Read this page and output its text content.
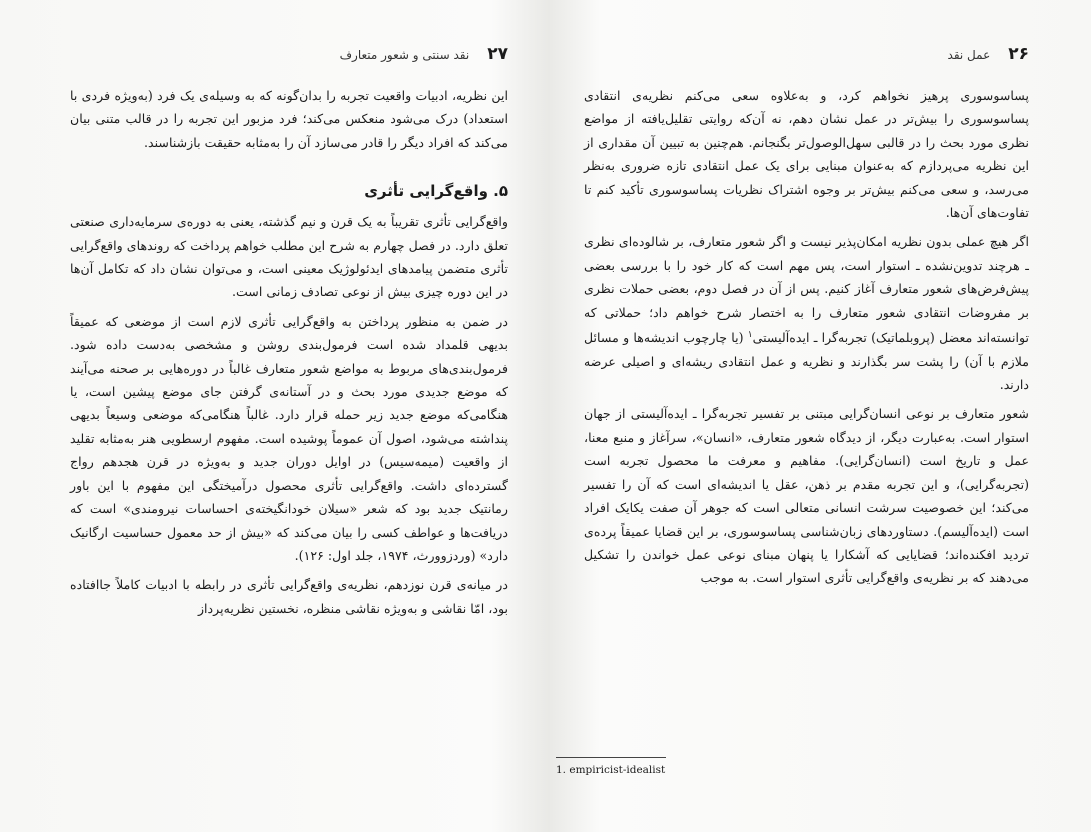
۲۷
نقد سنتی و شعور متعارف

این نظریه، ادبیات واقعیت تجربه را بدان‌گونه که به وسیله‌ی یک فرد (به‌ویژه فردی با استعداد) درک می‌شود منعکس می‌کند؛ فرد مزبور این تجربه را در قالب متنی بیان می‌کند که افراد دیگر را قادر می‌سازد آن را به‌مثابه حقیقت بازشناسند.

۵. واقع‌گرایی تأثری

واقع‌گرایی تأثری تقریباً به یک قرن و نیم گذشته، یعنی به دوره‌ی سرمایه‌داری صنعتی تعلق دارد. در فصل چهارم به شرح این مطلب خواهم پرداخت که روندهای واقع‌گرایی تأثری متضمن پیامدهای ایدئولوژیک معینی است، و می‌توان نشان داد که تکامل آن‌ها در این دوره چیزی بیش از نوعی تصادف زمانی است.

در ضمن به منظور پرداختن به واقع‌گرایی تأثری لازم است از موضعی که عمیقاً بدیهی قلمداد شده است فرمول‌بندی روشن و مشخصی به‌دست داده شود. فرمول‌بندی‌های مربوط به مواضع شعور متعارف غالباً در دوره‌هایی بر صحنه می‌آیند که موضع جدیدی مورد بحث و در آستانه‌ی گرفتن جای موضع پیشین است، یا هنگامی‌که موضع جدید زیر حمله قرار دارد. غالباً هنگامی‌که موضعی وسیعاً بدیهی پنداشته می‌شود، اصول آن عموماً پوشیده است. مفهوم ارسطویی هنر به‌مثابه تقلید از واقعیت (میمه‌سیس) در اوایل دوران جدید و به‌ویژه در قرن هجدهم رواج گسترده‌ای داشت. واقع‌گرایی تأثری محصول درآمیختگی این مفهوم با این باور رمانتیک جدید بود که شعر «سیلان خودانگیخته‌ی احساسات نیرومندی» است که دریافت‌ها و عواطف کسی را بیان می‌کند که «بیش از حد معمول حساسیت ارگانیک دارد» (وردزوورث، ۱۹۷۴، جلد اول: ۱۲۶).

در میانه‌ی قرن نوزدهم، نظریه‌ی واقع‌گرایی تأثری در رابطه با ادبیات کاملاً جاافتاده بود، امّا نقاشی و به‌ویژه نقاشی منظره، نخستین نظریه‌پرداز

۲۶
عمل نقد

پساسوسوری پرهیز نخواهم کرد، و به‌علاوه سعی می‌کنم نظریه‌ی انتقادی پساسوسوری را بیش‌تر در عمل نشان دهم، نه آن‌که روایتی تقلیل‌یافته از مواضع نظری مورد بحث را در قالبی سهل‌الوصول‌تر بگنجانم. هم‌چنین به تبیین آن مقداری از این نظریه می‌پردازم که به‌عنوان مبنایی برای یک عمل انتقادی تازه ضروری به‌نظر می‌رسد، و سعی می‌کنم بیش‌تر بر وجوه اشتراک نظریات پساسوسوری تأکید کنم تا تفاوت‌های آن‌ها.

اگر هیچ عملی بدون نظریه امکان‌پذیر نیست و اگر شعور متعارف، بر شالوده‌ای نظری ـ هرچند تدوین‌نشده ـ استوار است، پس مهم است که کار خود را با بررسی بعضی پیش‌فرض‌های شعور متعارف آغاز کنیم. پس از آن در فصل دوم، بعضی حملات نظری بر مفروضات انتقادی شعور متعارف را به اختصار شرح خواهم داد؛ حملاتی که توانسته‌اند معضل (پروبلماتیک) تجربه‌گرا ـ ایده‌آلیستی$^۱$ (یا چارچوب اندیشه‌ها و مسائل ملازم با آن) را پشت سر بگذارند و نظریه و عمل انتقادی ریشه‌ای و اصیلی عرضه دارند.

شعور متعارف بر نوعی انسان‌گرایی مبتنی بر تفسیر تجربه‌گرا ـ ایده‌آلیستی از جهان استوار است. به‌عبارت دیگر، از دیدگاه شعور متعارف، «انسان»، سرآغاز و منبع معنا، عمل و تاریخ است (انسان‌گرایی). مفاهیم و معرفت ما محصول تجربه است (تجربه‌گرایی)، و این تجربه مقدم بر ذهن، عقل یا اندیشه‌ای است که آن را تفسیر می‌کند؛ این خصوصیت سرشت انسانی متعالی است که جوهر آن صفت یکایک افراد است (ایده‌آلیسم). دستاوردهای زبان‌شناسی پساسوسوری، بر این قضایا عمیقاً پرده‌ی تردید افکنده‌اند؛ قضایایی که آشکارا یا پنهان مبنای نوعی عمل خواندن را تشکیل می‌دهند که بر نظریه‌ی واقع‌گرایی تأثری استوار است. به موجب

1. empiricist-idealist
